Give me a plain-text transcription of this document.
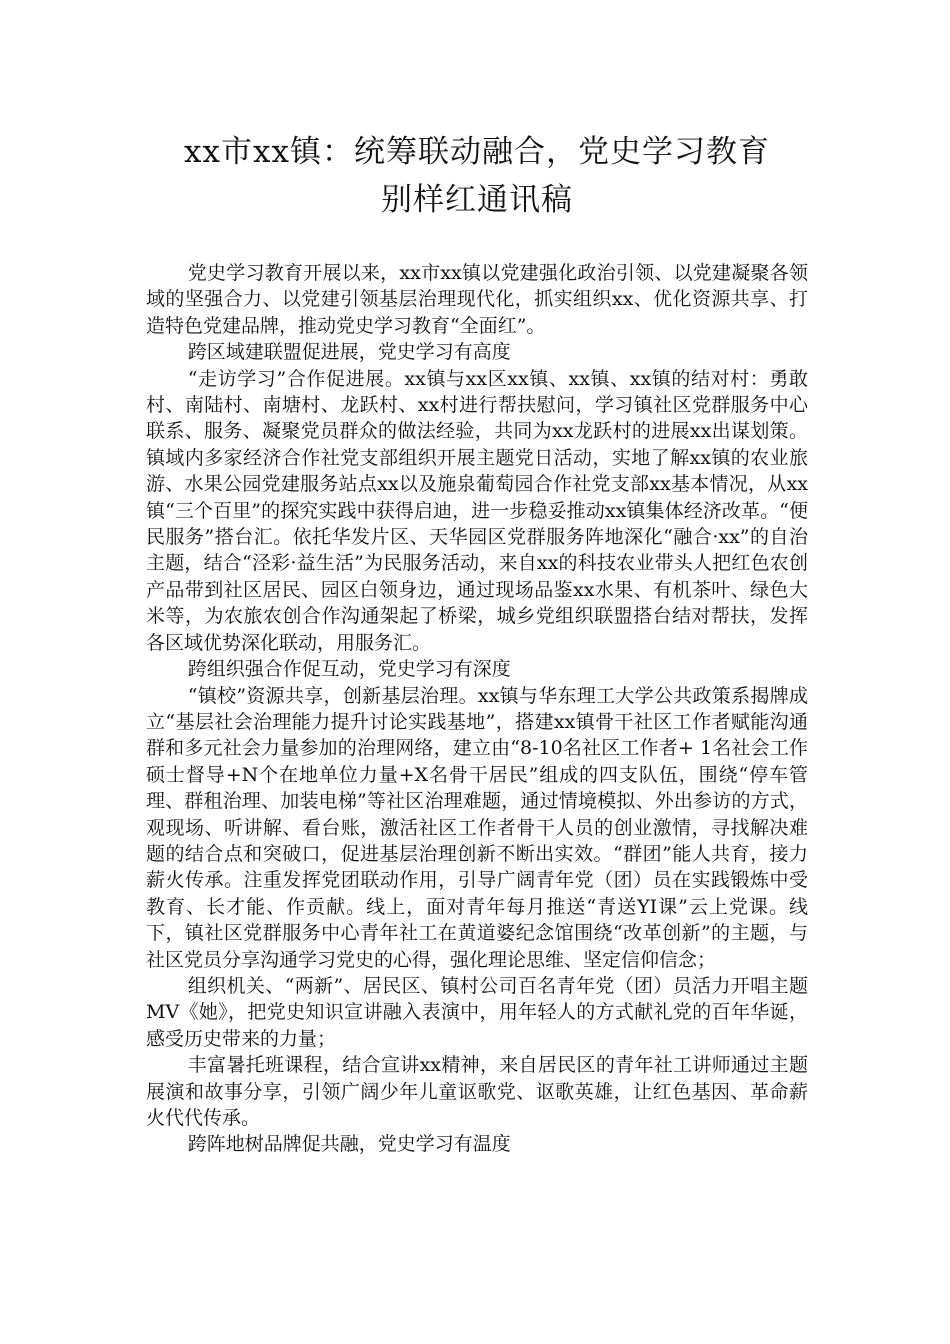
xx市xx镇：统筹联动融合，党史学习教育
别样红通讯稿

党史学习教育开展以来，xx市xx镇以党建强化政治引领、以党建凝聚各领域的坚强合力、以党建引领基层治理现代化，抓实组织xx、优化资源共享、打造特色党建品牌，推动党史学习教育“全面红”。

跨区域建联盟促进展，党史学习有高度

“走访学习”合作促进展。xx镇与xx区xx镇、xx镇、xx镇的结对村：勇敢村、南陆村、南塘村、龙跃村、xx村进行帮扶慰问，学习镇社区党群服务中心联系、服务、凝聚党员群众的做法经验，共同为xx龙跃村的进展xx出谋划策。镇域内多家经济合作社党支部组织开展主题党日活动，实地了解xx镇的农业旅游、水果公园党建服务站点xx以及施泉葡萄园合作社党支部xx基本情况，从xx镇“三个百里”的探究实践中获得启迪，进一步稳妥推动xx镇集体经济改革。“便民服务”搭台汇。依托华发片区、天华园区党群服务阵地深化“融合·xx”的自治主题，结合“泾彩·益生活”为民服务活动，来自xx的科技农业带头人把红色农创产品带到社区居民、园区白领身边，通过现场品鉴xx水果、有机茶叶、绿色大米等，为农旅农创合作沟通架起了桥梁，城乡党组织联盟搭台结对帮扶，发挥各区域优势深化联动，用服务汇。

跨组织强合作促互动，党史学习有深度

“镇校”资源共享，创新基层治理。xx镇与华东理工大学公共政策系揭牌成立“基层社会治理能力提升讨论实践基地”，搭建xx镇骨干社区工作者赋能沟通群和多元社会力量参加的治理网络，建立由“8-10名社区工作者+ 1名社会工作硕士督导+N个在地单位力量+X名骨干居民”组成的四支队伍，围绕“停车管理、群租治理、加装电梯”等社区治理难题，通过情境模拟、外出参访的方式，观现场、听讲解、看台账，激活社区工作者骨干人员的创业激情，寻找解决难题的结合点和突破口，促进基层治理创新不断出实效。“群团”能人共育，接力薪火传承。注重发挥党团联动作用，引导广阔青年党（团）员在实践锻炼中受教育、长才能、作贡献。线上，面对青年每月推送“青送YI课”云上党课。线下，镇社区党群服务中心青年社工在黄道婆纪念馆围绕“改革创新”的主题，与社区党员分享沟通学习党史的心得，强化理论思维、坚定信仰信念；

组织机关、“两新”、居民区、镇村公司百名青年党（团）员活力开唱主题MV《她》，把党史知识宣讲融入表演中，用年轻人的方式献礼党的百年华诞，感受历史带来的力量；

丰富暑托班课程，结合宣讲xx精神，来自居民区的青年社工讲师通过主题展演和故事分享，引领广阔少年儿童讴歌党、讴歌英雄，让红色基因、革命薪火代代传承。

跨阵地树品牌促共融，党史学习有温度
